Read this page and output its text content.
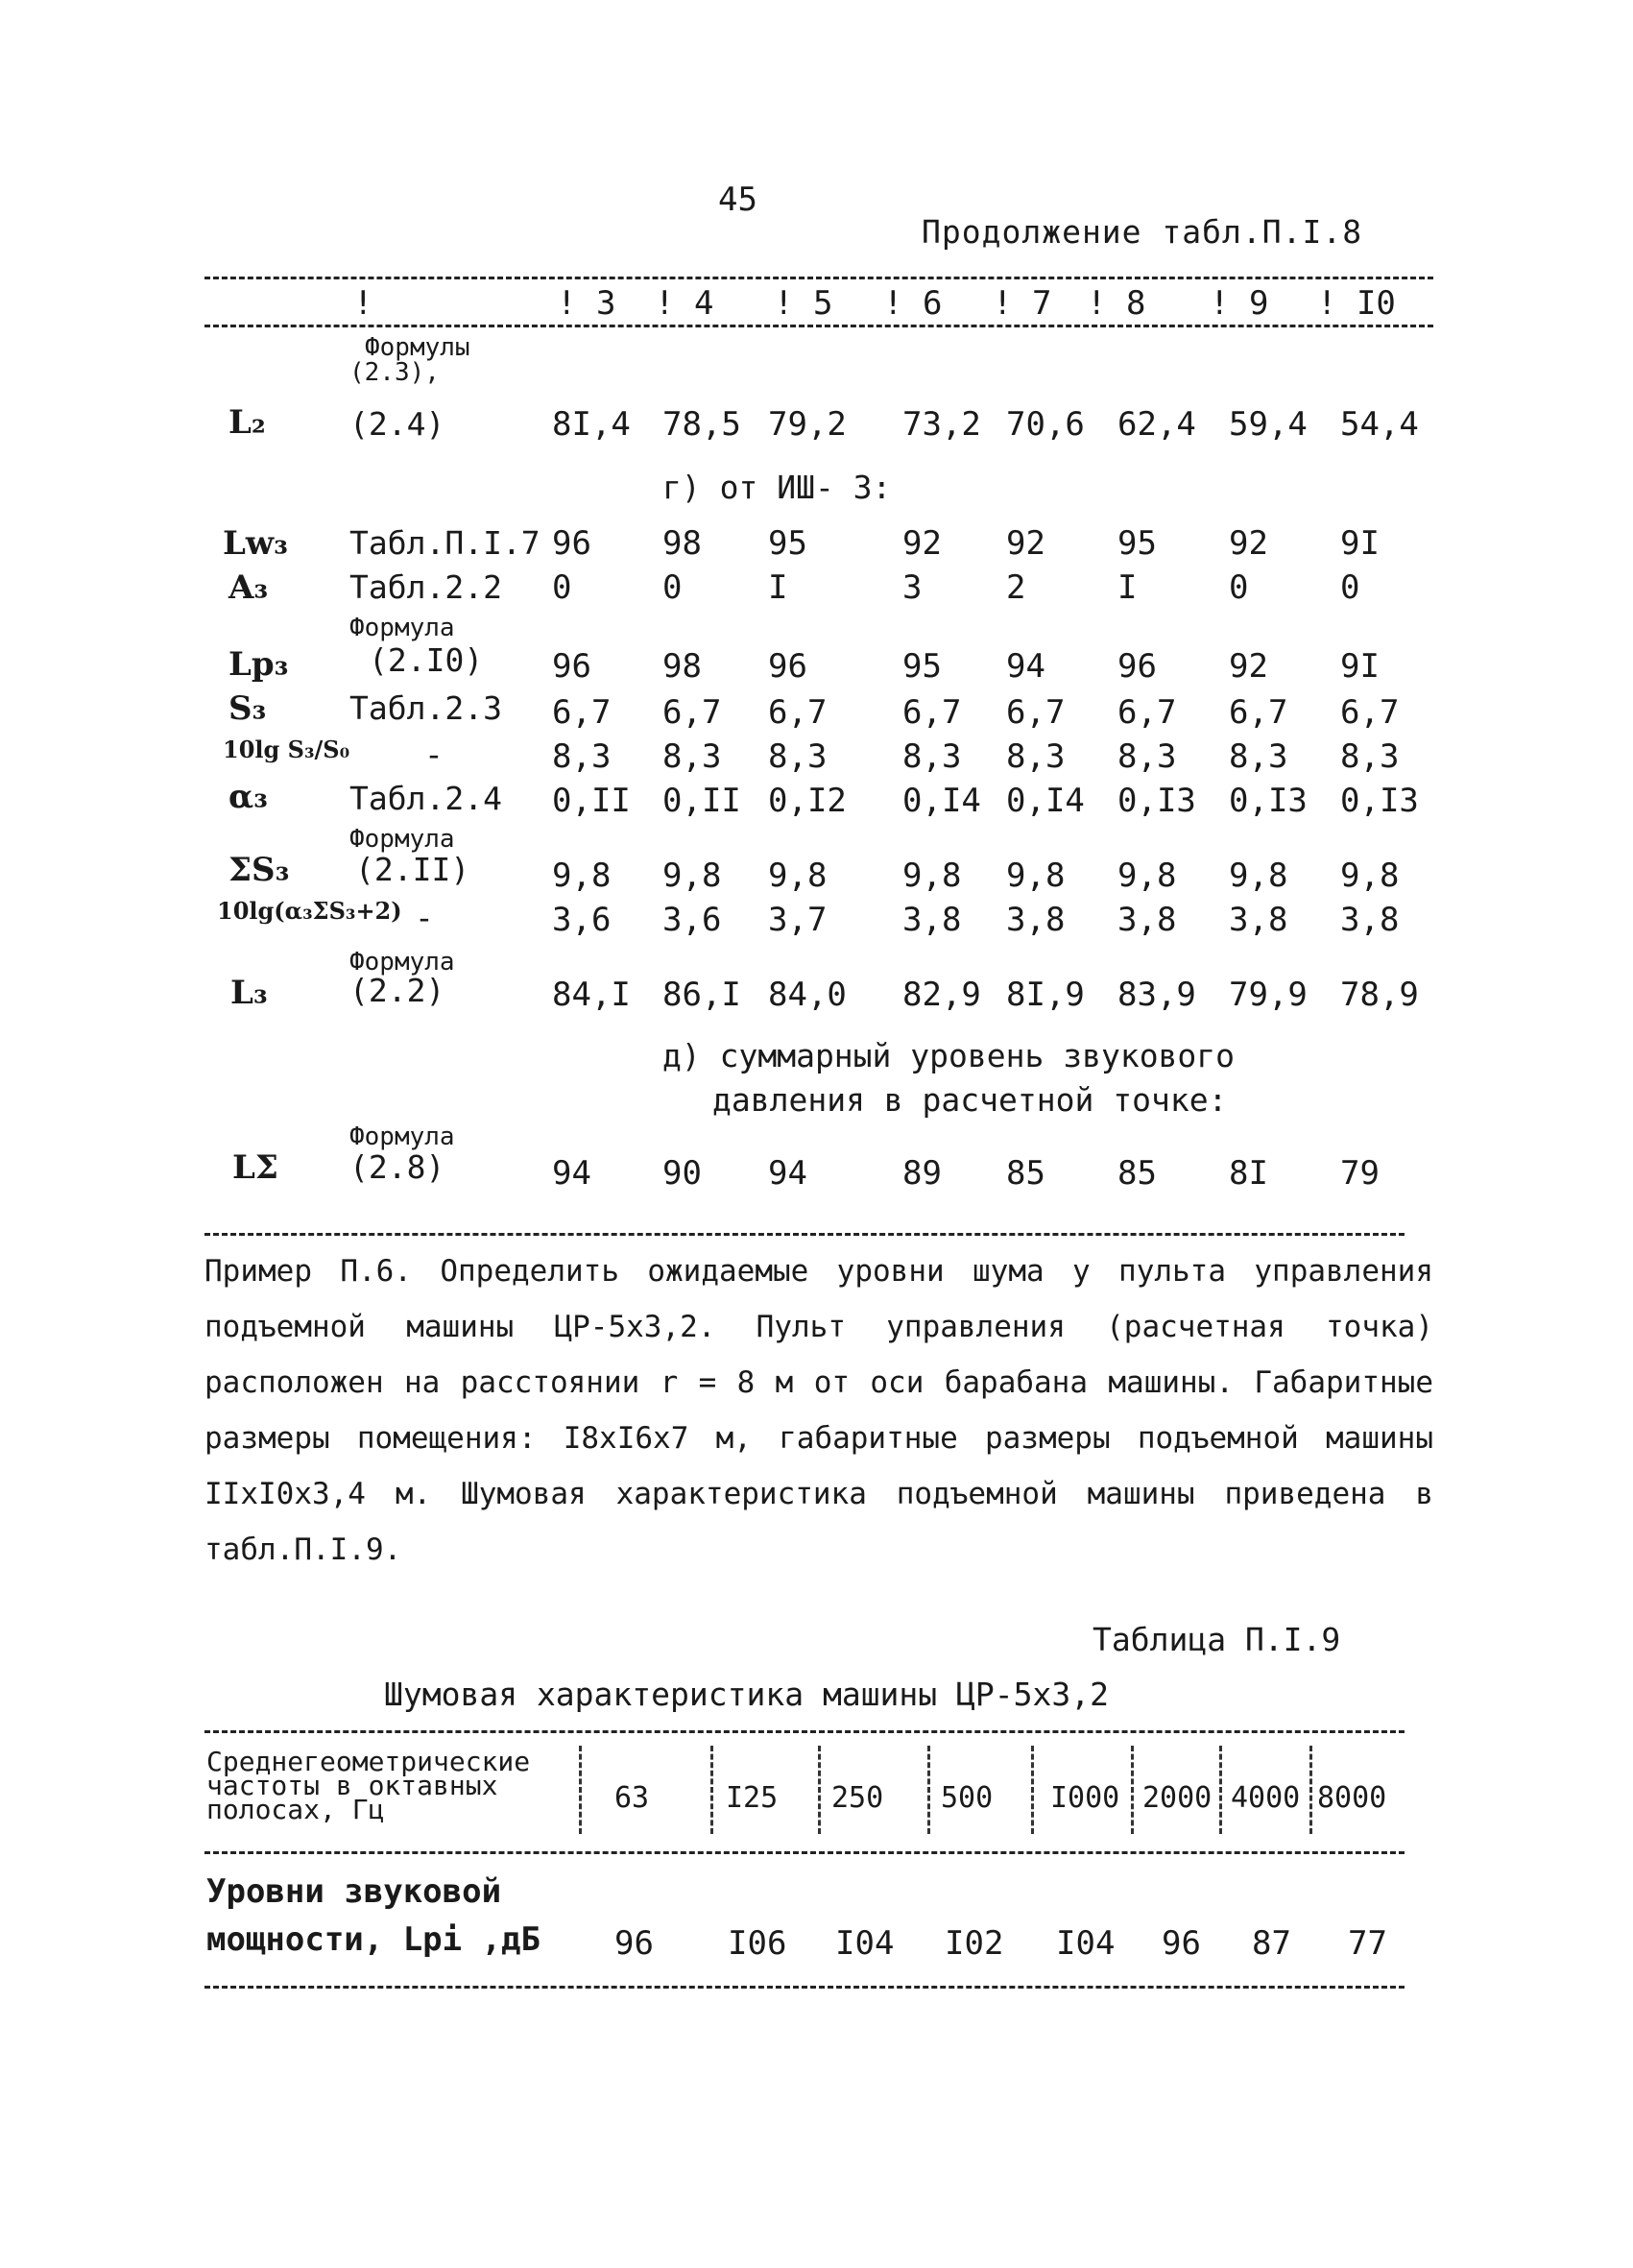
45
Продолжение табл.П.I.8
!	! 3 ! 4 ! 5 ! 6 ! 7 ! 8 ! 9 ! I0
Формулы
(2.3),
L₂	(2.4)	8I,4 78,5 79,2 73,2 70,6 62,4 59,4 54,4
г) от ИШ- 3:
Lw₃ Табл.П.I.7 96 98 95	92 92 95 92 9I
A₃	Табл.2.2 0	0	I	3	2	I	0	0
Формула
Lр₃	(2.I0) 96 98 96	95 94 96 92 9I
S₃	Табл.2.3 6,7 6,7 6,7 6,7 6,7 6,7 6,7 6,7
10lg S₃/S₀ -	8,3 8,3 8,3 8,3 8,3 8,3 8,3 8,3
α₃	Табл.2.4 0,II 0,II 0,I2 0,I4 0,I4 0,I3 0,I3 0,I3
Формула
ΣS₃ (2.II)	9,8 9,8 9,8 9,8 9,8 9,8 9,8 9,8
10lg(α₃ΣS₃+2) -	3,6 3,6 3,7 3,8 3,8 3,8 3,8 3,8
Формула
L₃	(2.2)	84,I 86,I 84,0 82,9 8I,9 83,9 79,9 78,9
д) суммарный уровень звукового
давления в расчетной точке:
Формула
LΣ (2.8)	94 90 94	89 85 85 8I 79
Пример П.6. Определить ожидаемые уровни шума у пульта управления подъемной машины ЦР-5х3,2. Пульт управления (расчетная точка) расположен на расстоянии r = 8 м от оси барабана машины. Габаритные размеры помещения: I8хI6х7 м, габаритные размеры подъемной машины IIхI0х3,4 м. Шумовая характеристика подъемной машины приведена в табл.П.I.9.
Таблица П.I.9
Шумовая характеристика машины ЦР-5х3,2
Среднегеометрические
частоты в октавных
полосах, Гц	63	I25 250 500 I000 2000 4000 8000
Уровни звуковой
мощности, Lрi ,дБ 96 I06 I04 I02 I04 96 87 77
